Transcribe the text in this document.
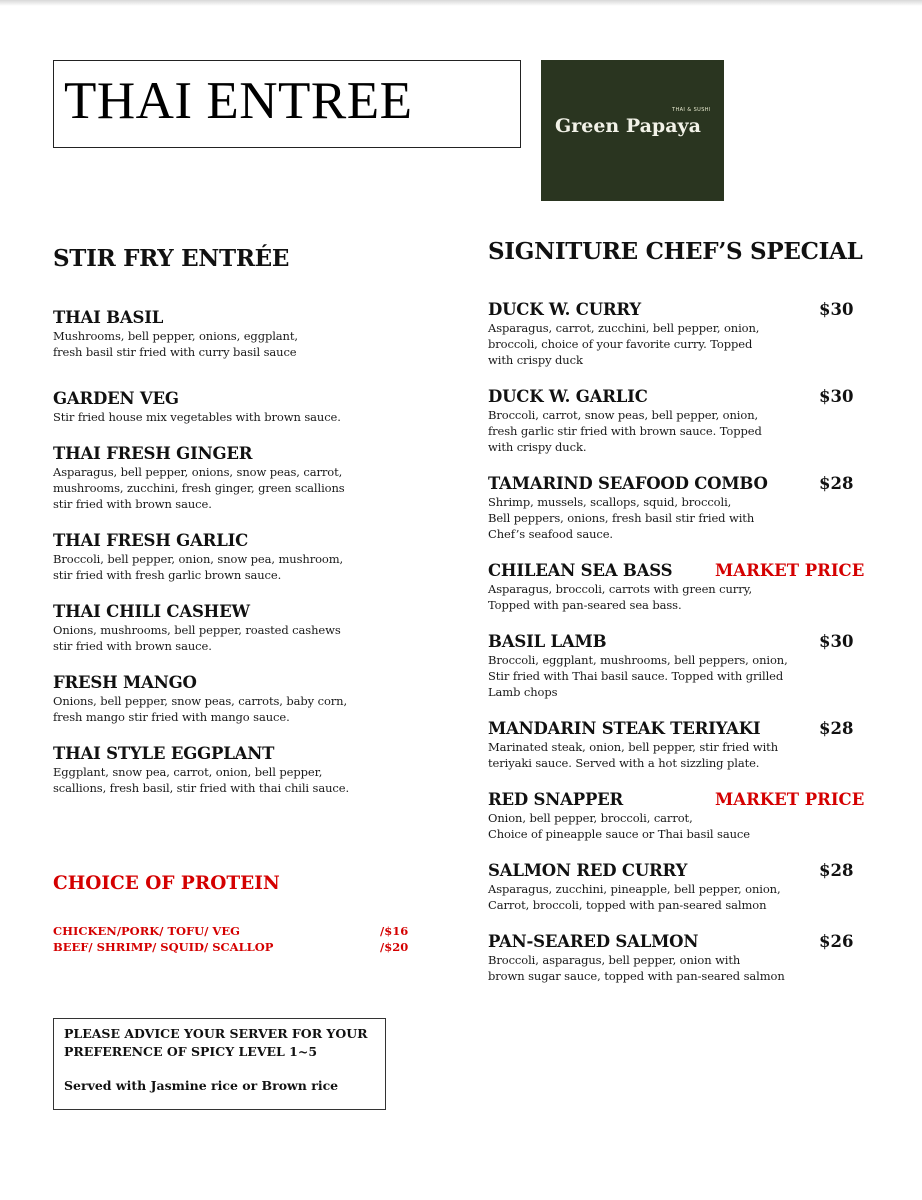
THAI ENTREE	THAI & SUSHI
Green Papaya
STIR FRY ENTRÉE
THAI BASIL
Mushrooms, bell pepper, onions, eggplant,
fresh basil stir fried with curry basil sauce
GARDEN VEG
Stir fried house mix vegetables with brown sauce.
THAI FRESH GINGER
Asparagus, bell pepper, onions, snow peas, carrot,
mushrooms, zucchini, fresh ginger, green scallions
stir fried with brown sauce.
THAI FRESH GARLIC
Broccoli, bell pepper, onion, snow pea, mushroom,
stir fried with fresh garlic brown sauce.
THAI CHILI CASHEW
Onions, mushrooms, bell pepper, roasted cashews
stir fried with brown sauce.
FRESH MANGO
Onions, bell pepper, snow peas, carrots, baby corn,
fresh mango stir fried with mango sauce.
THAI STYLE EGGPLANT
Eggplant, snow pea, carrot, onion, bell pepper,
scallions, fresh basil, stir fried with thai chili sauce.
CHOICE OF PROTEIN
CHICKEN/PORK/ TOFU/ VEG	/$16
BEEF/ SHRIMP/ SQUID/ SCALLOP	/$20
PLEASE ADVICE YOUR SERVER FOR YOUR
PREFERENCE OF SPICY LEVEL 1~5
Served with Jasmine rice or Brown rice
SIGNITURE CHEF’S SPECIAL
DUCK W. CURRY	$30
Asparagus, carrot, zucchini, bell pepper, onion,
broccoli, choice of your favorite curry. Topped
with crispy duck
DUCK W. GARLIC	$30
Broccoli, carrot, snow peas, bell pepper, onion,
fresh garlic stir fried with brown sauce. Topped
with crispy duck.
TAMARIND SEAFOOD COMBO	$28
Shrimp, mussels, scallops, squid, broccoli,
Bell peppers, onions, fresh basil stir fried with
Chef’s seafood sauce.
CHILEAN SEA BASS	MARKET PRICE
Asparagus, broccoli, carrots with green curry,
Topped with pan-seared sea bass.
BASIL LAMB	$30
Broccoli, eggplant, mushrooms, bell peppers, onion,
Stir fried with Thai basil sauce. Topped with grilled
Lamb chops
MANDARIN STEAK TERIYAKI	$28
Marinated steak, onion, bell pepper, stir fried with
teriyaki sauce. Served with a hot sizzling plate.
RED SNAPPER	MARKET PRICE
Onion, bell pepper, broccoli, carrot,
Choice of pineapple sauce or Thai basil sauce
SALMON RED CURRY	$28
Asparagus, zucchini, pineapple, bell pepper, onion,
Carrot, broccoli, topped with pan-seared salmon
PAN-SEARED SALMON	$26
Broccoli, asparagus, bell pepper, onion with
brown sugar sauce, topped with pan-seared salmon
